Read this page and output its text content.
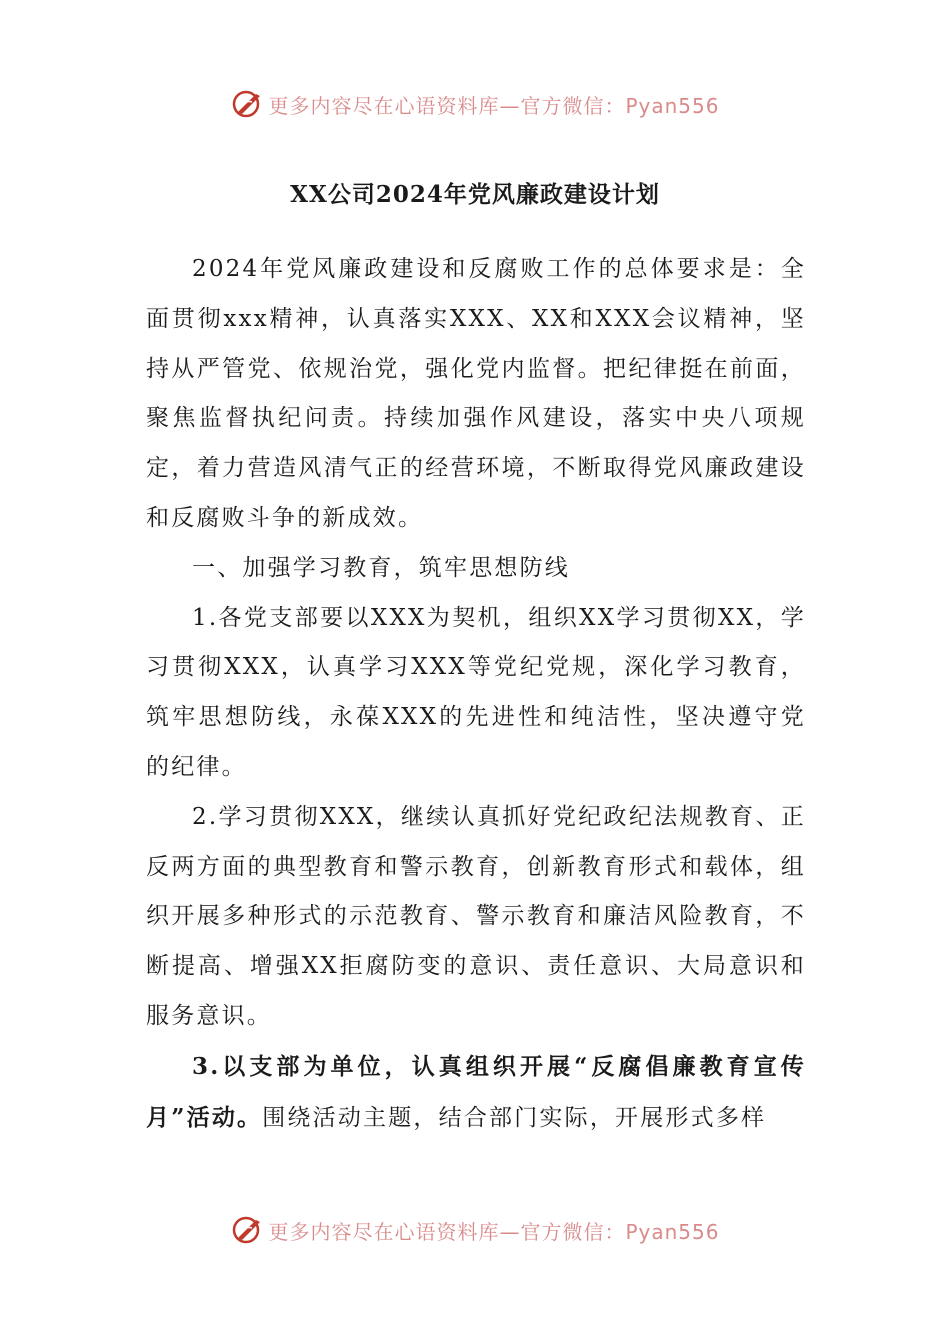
更多内容尽在心语资料库—官方微信：Pyan556
XX公司2024年党风廉政建设计划

2024年党风廉政建设和反腐败工作的总体要求是：全面贯彻xxx精神，认真落实XXX、XX和XXX会议精神，坚持从严管党、依规治党，强化党内监督。把纪律挺在前面，聚焦监督执纪问责。持续加强作风建设，落实中央八项规定，着力营造风清气正的经营环境，不断取得党风廉政建设和反腐败斗争的新成效。

一、加强学习教育，筑牢思想防线

1.各党支部要以XXX为契机，组织XX学习贯彻XX，学习贯彻XXX，认真学习XXX等党纪党规，深化学习教育，筑牢思想防线，永葆XXX的先进性和纯洁性，坚决遵守党的纪律。

2.学习贯彻XXX，继续认真抓好党纪政纪法规教育、正反两方面的典型教育和警示教育，创新教育形式和载体，组织开展多种形式的示范教育、警示教育和廉洁风险教育，不断提高、增强XX拒腐防变的意识、责任意识、大局意识和服务意识。

3.以支部为单位，认真组织开展“反腐倡廉教育宣传月”活动。围绕活动主题，结合部门实际，开展形式多样

更多内容尽在心语资料库—官方微信：Pyan556
